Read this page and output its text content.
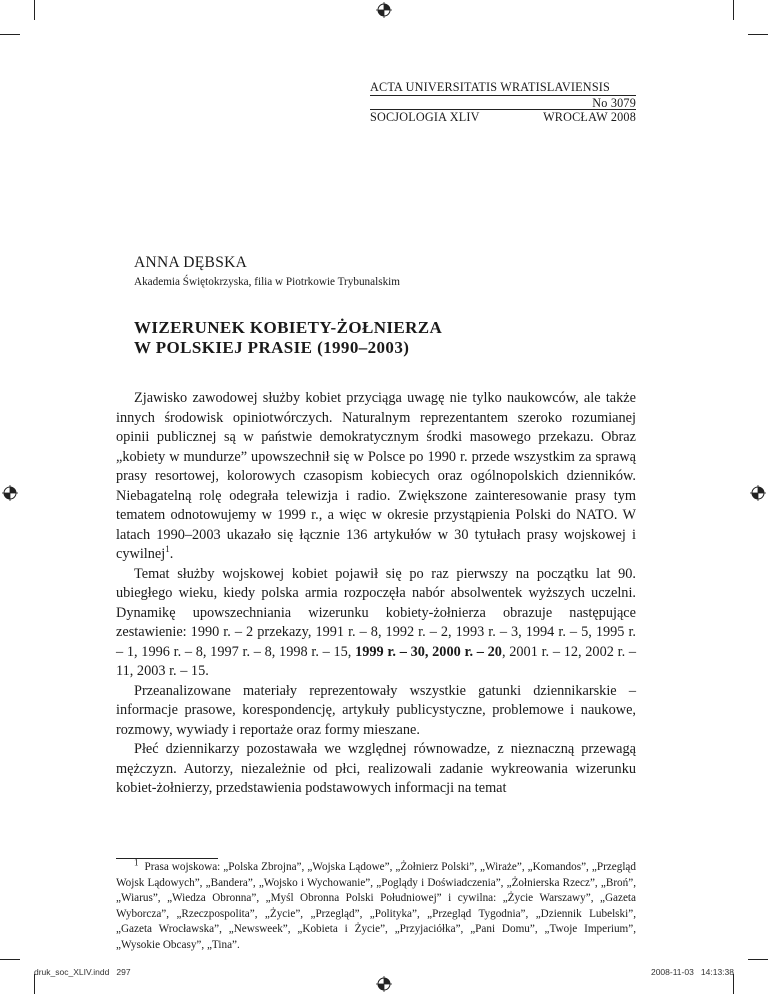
ACTA UNIVERSITATIS WRATISLAVIENSIS
No 3079
SOCJOLOGIA XLIV	WROCŁAW 2008
ANNA DĘBSKA
Akademia Świętokrzyska, filia w Piotrkowie Trybunalskim
WIZERUNEK KOBIETY-ŻOŁNIERZA
W POLSKIEJ PRASIE (1990–2003)

Zjawisko zawodowej służby kobiet przyciąga uwagę nie tylko naukowców, ale także innych środowisk opiniotwórczych. Naturalnym reprezentantem szeroko rozumianej opinii publicznej są w państwie demokratycznym środki masowego przekazu. Obraz „kobiety w mundurze” upowszechnił się w Polsce po 1990 r. przede wszystkim za sprawą prasy resortowej, kolorowych czasopism kobiecych oraz ogólnopolskich dzienników. Niebagatelną rolę odegrała telewizja i radio. Zwiększone zainteresowanie prasy tym tematem odnotowujemy w 1999 r., a więc w okresie przystąpienia Polski do NATO. W latach 1990–2003 ukazało się łącznie 136 artykułów w 30 tytułach prasy wojskowej i cywilnej$^1$.

Temat służby wojskowej kobiet pojawił się po raz pierwszy na początku lat 90. ubiegłego wieku, kiedy polska armia rozpoczęła nabór absolwentek wyższych uczelni. Dynamikę upowszechniania wizerunku kobiety-żołnierza obrazuje następujące zestawienie: 1990 r. – 2 przekazy, 1991 r. – 8, 1992 r. – 2, 1993 r. – 3, 1994 r. – 5, 1995 r. – 1, 1996 r. – 8, 1997 r. – 8, 1998 r. – 15, 1999 r. – 30, 2000 r. – 20, 2001 r. – 12, 2002 r. – 11, 2003 r. – 15.

Przeanalizowane materiały reprezentowały wszystkie gatunki dziennikarskie – informacje prasowe, korespondencję, artykuły publicystyczne, problemowe i naukowe, rozmowy, wywiady i reportaże oraz formy mieszane.

Płeć dziennikarzy pozostawała we względnej równowadze, z nieznaczną przewagą mężczyzn. Autorzy, niezależnie od płci, realizowali zadanie wykreowania wizerunku kobiet-żołnierzy, przedstawienia podstawowych informacji na temat

$^1$ Prasa wojskowa: „Polska Zbrojna”, „Wojska Lądowe”, „Żołnierz Polski”, „Wiraże”, „Komandos”, „Przegląd Wojsk Lądowych”, „Bandera”, „Wojsko i Wychowanie”, „Poglądy i Doświadczenia”, „Żołnierska Rzecz”, „Broń”, „Wiarus”, „Wiedza Obronna”, „Myśl Obronna Polski Południowej” i cywilna: „Życie Warszawy”, „Gazeta Wyborcza”, „Rzeczpospolita”, „Życie”, „Przegląd”, „Polityka”, „Przegląd Tygodnia”, „Dziennik Lubelski”, „Gazeta Wrocławska”, „Newsweek”, „Kobieta i Życie”, „Przyjaciółka”, „Pani Domu”, „Twoje Imperium”, „Wysokie Obcasy”, „Tina”.
druk_soc_XLIV.indd   297	2008-11-03   14:13:38
